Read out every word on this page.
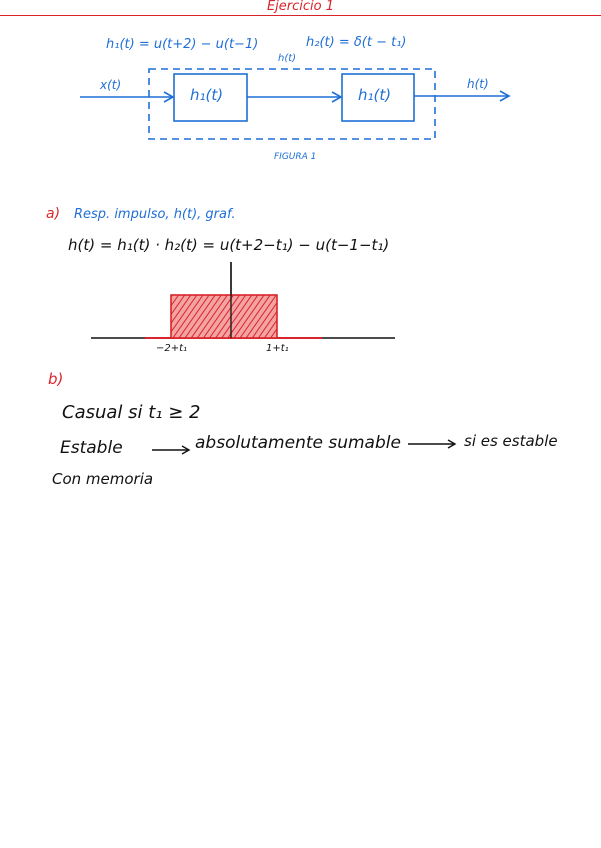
Ejercicio 1
h₁(t) = u(t+2) − u(t−1)	h₂(t) = δ(t − t₁)
h(t)
x(t)
h₁(t)	h₁(t)
h(t)
FIGURA 1
a) Resp. impulso, h(t), graf.
h(t) = h₁(t) · h₂(t) = u(t+2−t₁) − u(t−1−t₁)
−2+t₁	1+t₁
b)
Casual si t₁ ≥ 2
Estable	absolutamente sumable	si es estable
Con memoria
